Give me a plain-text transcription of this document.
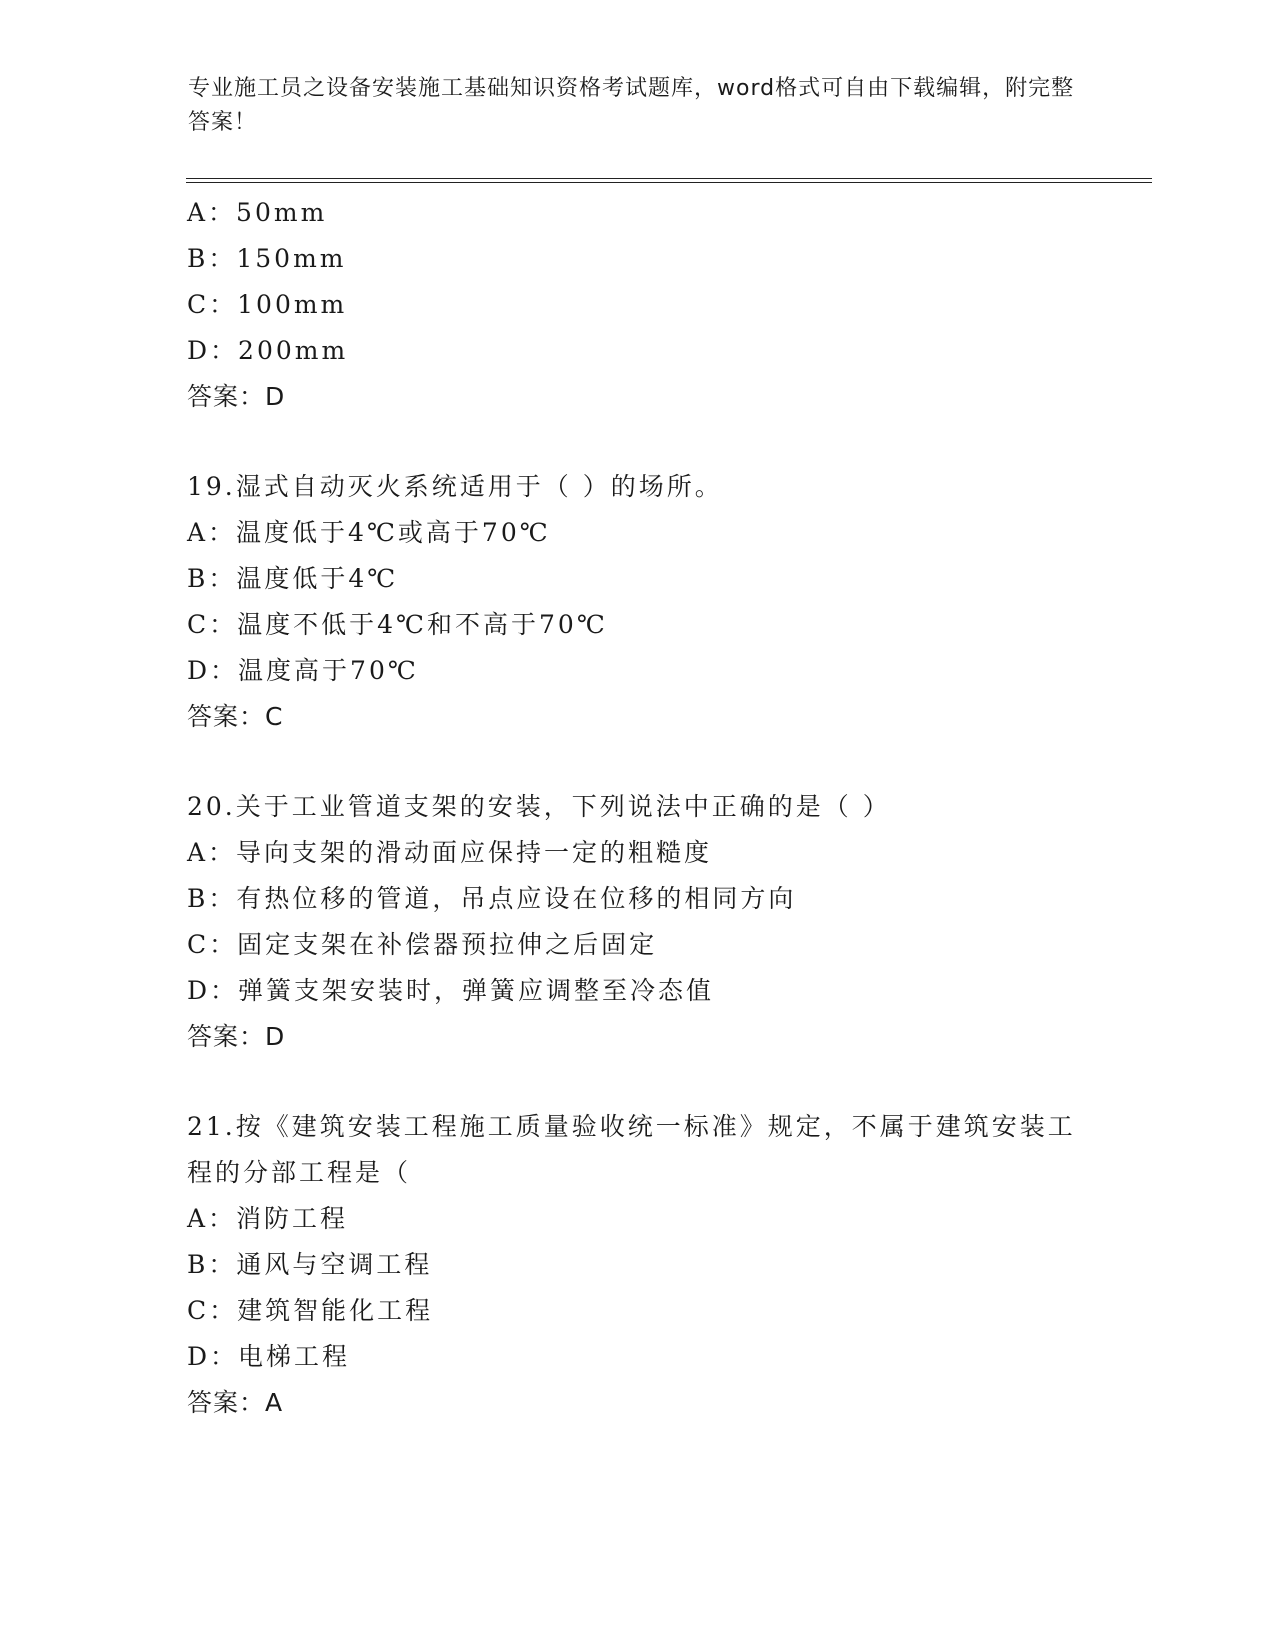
专业施工员之设备安装施工基础知识资格考试题库，word格式可自由下载编辑，附完整答案！
A：50mm
B：150mm
C：100mm
D：200mm
答案：D
19.湿式自动灭火系统适用于（ ）的场所。
A：温度低于4℃或高于70℃
B：温度低于4℃
C：温度不低于4℃和不高于70℃
D：温度高于70℃
答案：C
20.关于工业管道支架的安装，下列说法中正确的是（ ）
A：导向支架的滑动面应保持一定的粗糙度
B：有热位移的管道，吊点应设在位移的相同方向
C：固定支架在补偿器预拉伸之后固定
D：弹簧支架安装时，弹簧应调整至冷态值
答案：D
21.按《建筑安装工程施工质量验收统一标准》规定，不属于建筑安装工程的分部工程是（
A：消防工程
B：通风与空调工程
C：建筑智能化工程
D：电梯工程
答案：A
